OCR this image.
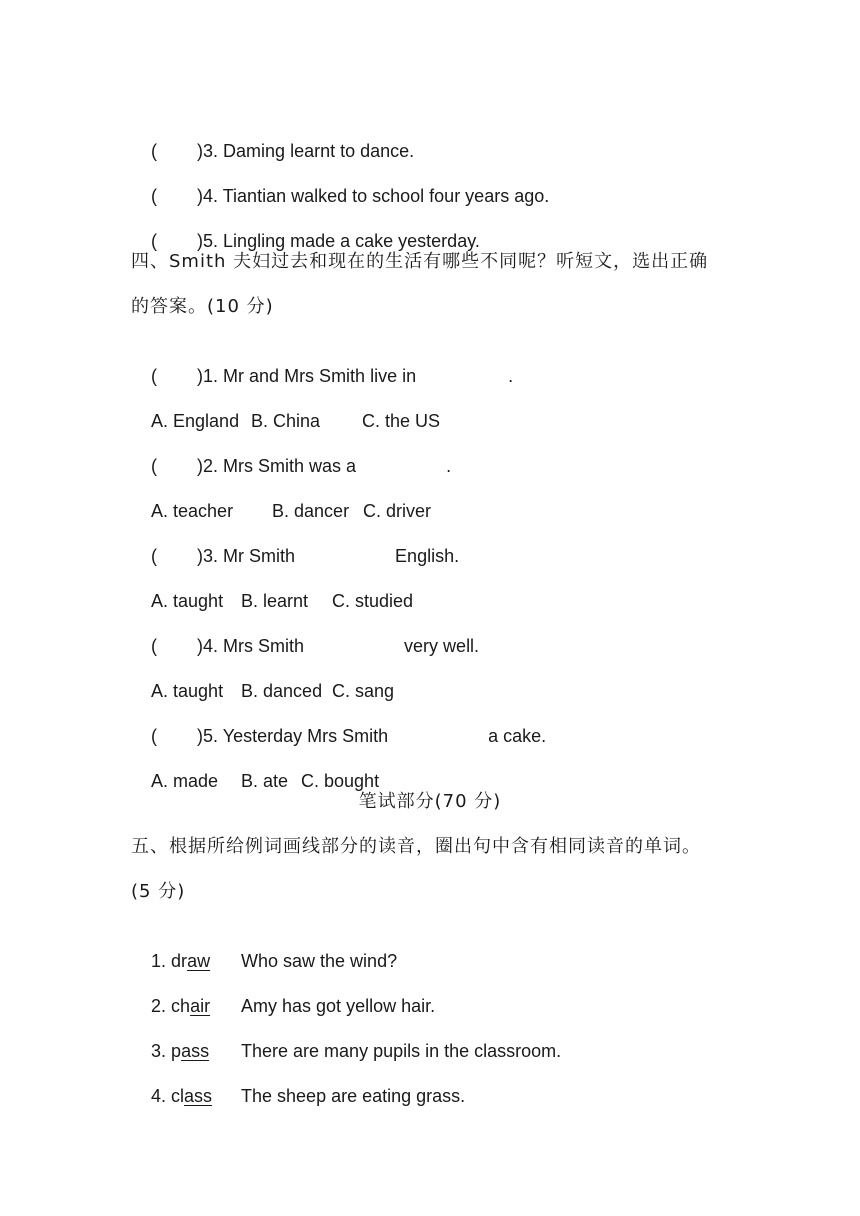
( )3. Daming learnt to dance.

( )4. Tiantian walked to school four years ago.

( )5. Lingling made a cake yesterday.

四、Smith 夫妇过去和现在的生活有哪些不同呢？听短文，选出正确
的答案。(10 分)

( )1. Mr and Mrs Smith live in	.

A. England B. China C. the US

( )2. Mrs Smith was a	.

A. teacher B. dancer C. driver

( )3. Mr Smith	English.

A. taught B. learnt C. studied

( )4. Mrs Smith	very well.

A. taught B. danced C. sang

( )5. Yesterday Mrs Smith	a cake.

A. made B. ate C. bought

笔试部分(70 分)
五、根据所给例词画线部分的读音，圈出句中含有相同读音的单词。
(5 分)

1. draw Who saw the wind?

2. chair Amy has got yellow hair.

3. pass There are many pupils in the classroom.

4. class The sheep are eating grass.
